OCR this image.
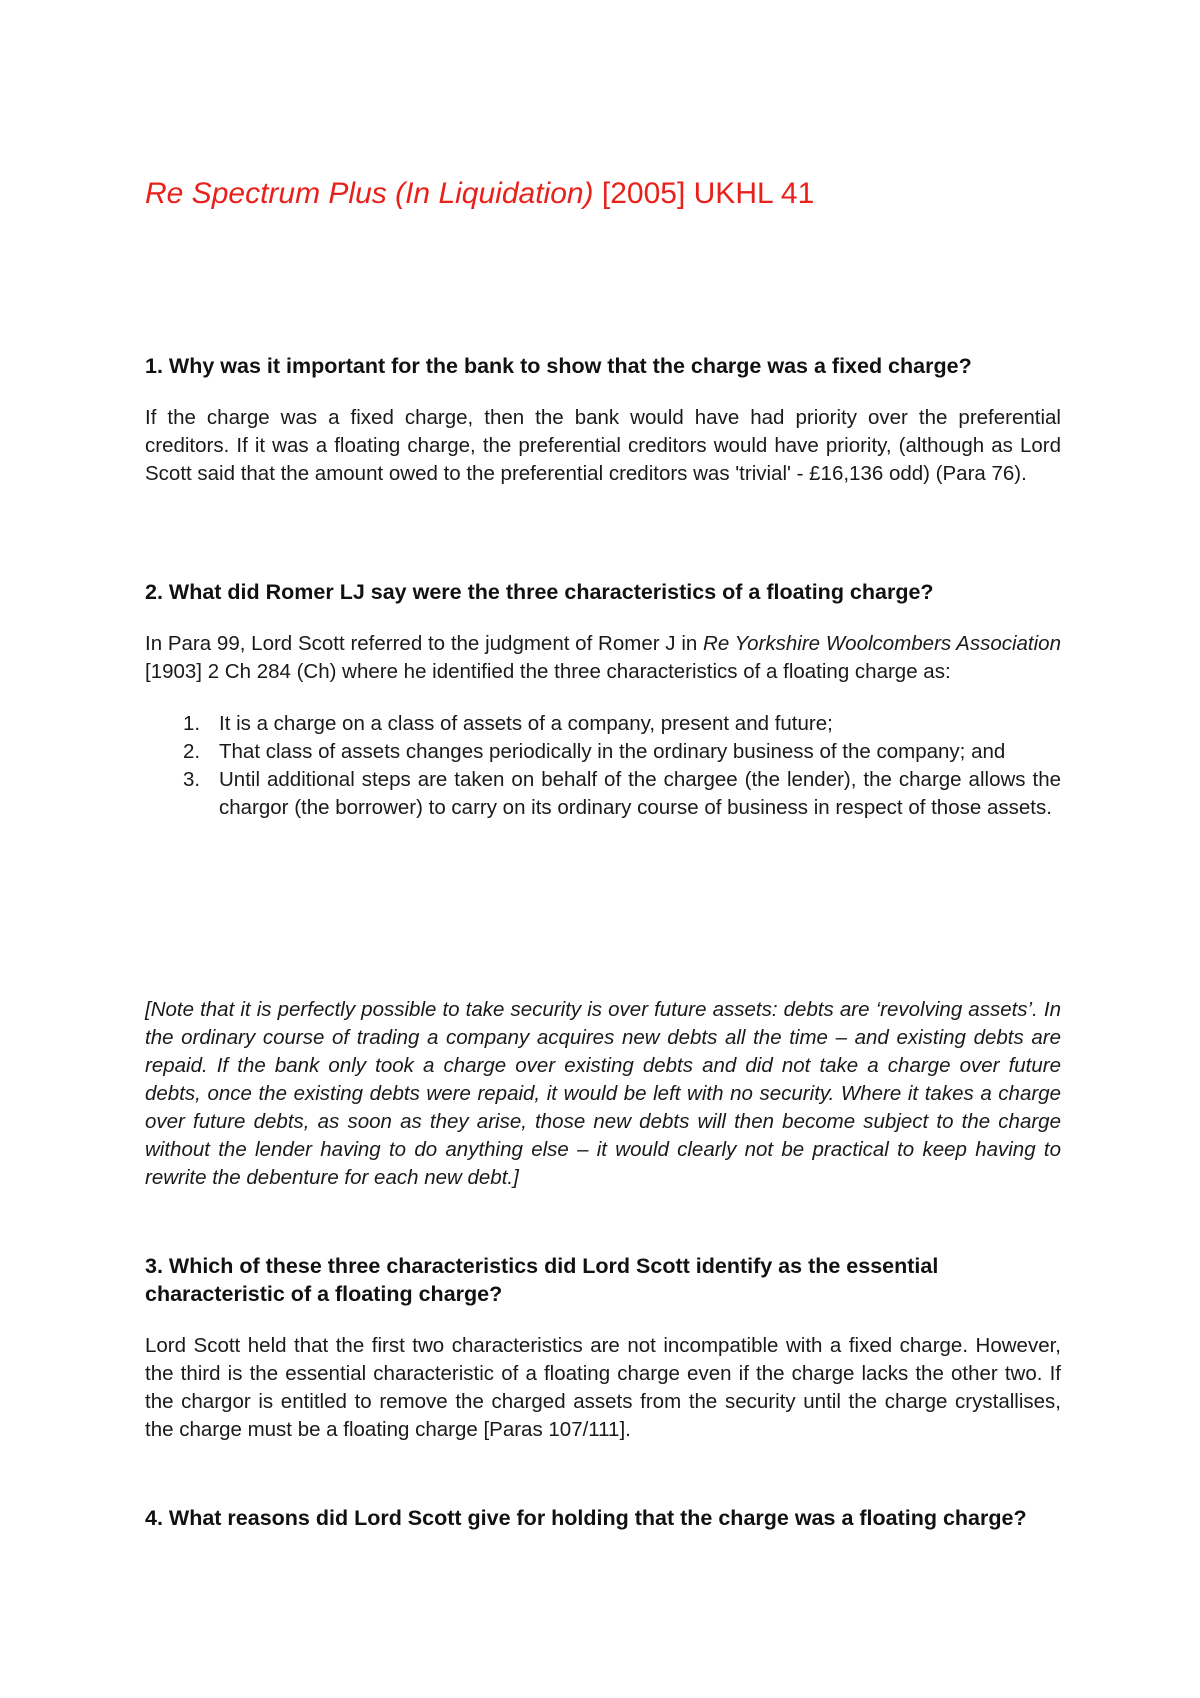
Re Spectrum Plus (In Liquidation) [2005] UKHL 41

1. Why was it important for the bank to show that the charge was a fixed charge?

If the charge was a fixed charge, then the bank would have had priority over the preferential creditors. If it was a floating charge, the preferential creditors would have priority, (although as Lord Scott said that the amount owed to the preferential creditors was 'trivial' - £16,136 odd) (Para 76).

2. What did Romer LJ say were the three characteristics of a floating charge?

In Para 99, Lord Scott referred to the judgment of Romer J in Re Yorkshire Woolcombers Association [1903] 2 Ch 284 (Ch) where he identified the three characteristics of a floating charge as:

1. It is a charge on a class of assets of a company, present and future;
2. That class of assets changes periodically in the ordinary business of the company; and
3. Until additional steps are taken on behalf of the chargee (the lender), the charge allows the chargor (the borrower) to carry on its ordinary course of business in respect of those assets.

[Note that it is perfectly possible to take security is over future assets: debts are ‘revolving assets’. In the ordinary course of trading a company acquires new debts all the time – and existing debts are repaid. If the bank only took a charge over existing debts and did not take a charge over future debts, once the existing debts were repaid, it would be left with no security. Where it takes a charge over future debts, as soon as they arise, those new debts will then become subject to the charge without the lender having to do anything else – it would clearly not be practical to keep having to rewrite the debenture for each new debt.]

3. Which of these three characteristics did Lord Scott identify as the essential characteristic of a floating charge?

Lord Scott held that the first two characteristics are not incompatible with a fixed charge. However, the third is the essential characteristic of a floating charge even if the charge lacks the other two. If the chargor is entitled to remove the charged assets from the security until the charge crystallises, the charge must be a floating charge [Paras 107/111].

4. What reasons did Lord Scott give for holding that the charge was a floating charge?
